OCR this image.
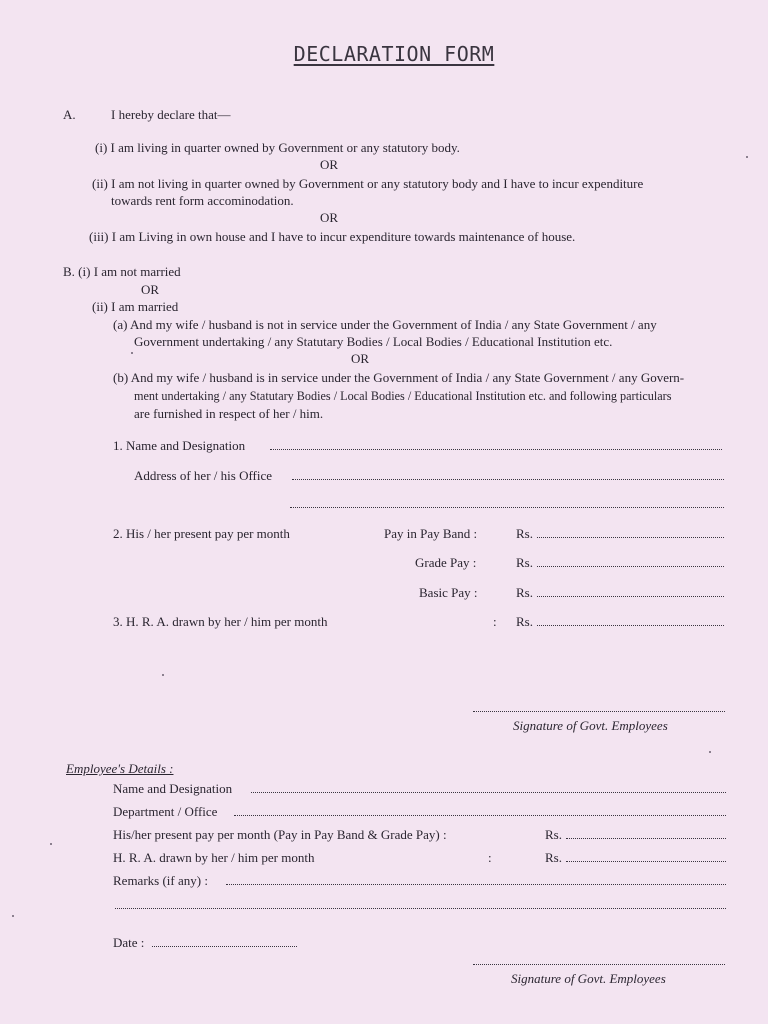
DECLARATION FORM
A.	I hereby declare that—
(i) I am living in quarter owned by Government or any statutory body.
OR
(ii) I am not living in quarter owned by Government or any statutory body and I have to incur expenditure
towards rent form accominodation.
OR
(iii) I am Living in own house and I have to incur expenditure towards maintenance of house.
B. (i) I am not married
OR
(ii) I am married
(a) And my wife / husband is not in service under the Government of India / any State Government / any
Government undertaking / any Statutary Bodies / Local Bodies / Educational Institution etc.
OR
(b) And my wife / husband is in service under the Government of India / any State Government / any Govern-
ment undertaking / any Statutary Bodies / Local Bodies / Educational Institution etc. and following particulars
are furnished in respect of her / him.
1. Name and Designation
Address of her / his Office
2. His / her present pay per month	Pay in Pay Band :	Rs.
Grade Pay :	Rs.
Basic Pay :	Rs.
3. H. R. A. drawn by her / him per month	: Rs.
Signature of Govt. Employees
Employee's Details :
Name and Designation
Department / Office
His/her present pay per month (Pay in Pay Band & Grade Pay) :	Rs.
H. R. A. drawn by her / him per month	:	Rs.
Remarks (if any) :
Date :
Signature of Govt. Employees
